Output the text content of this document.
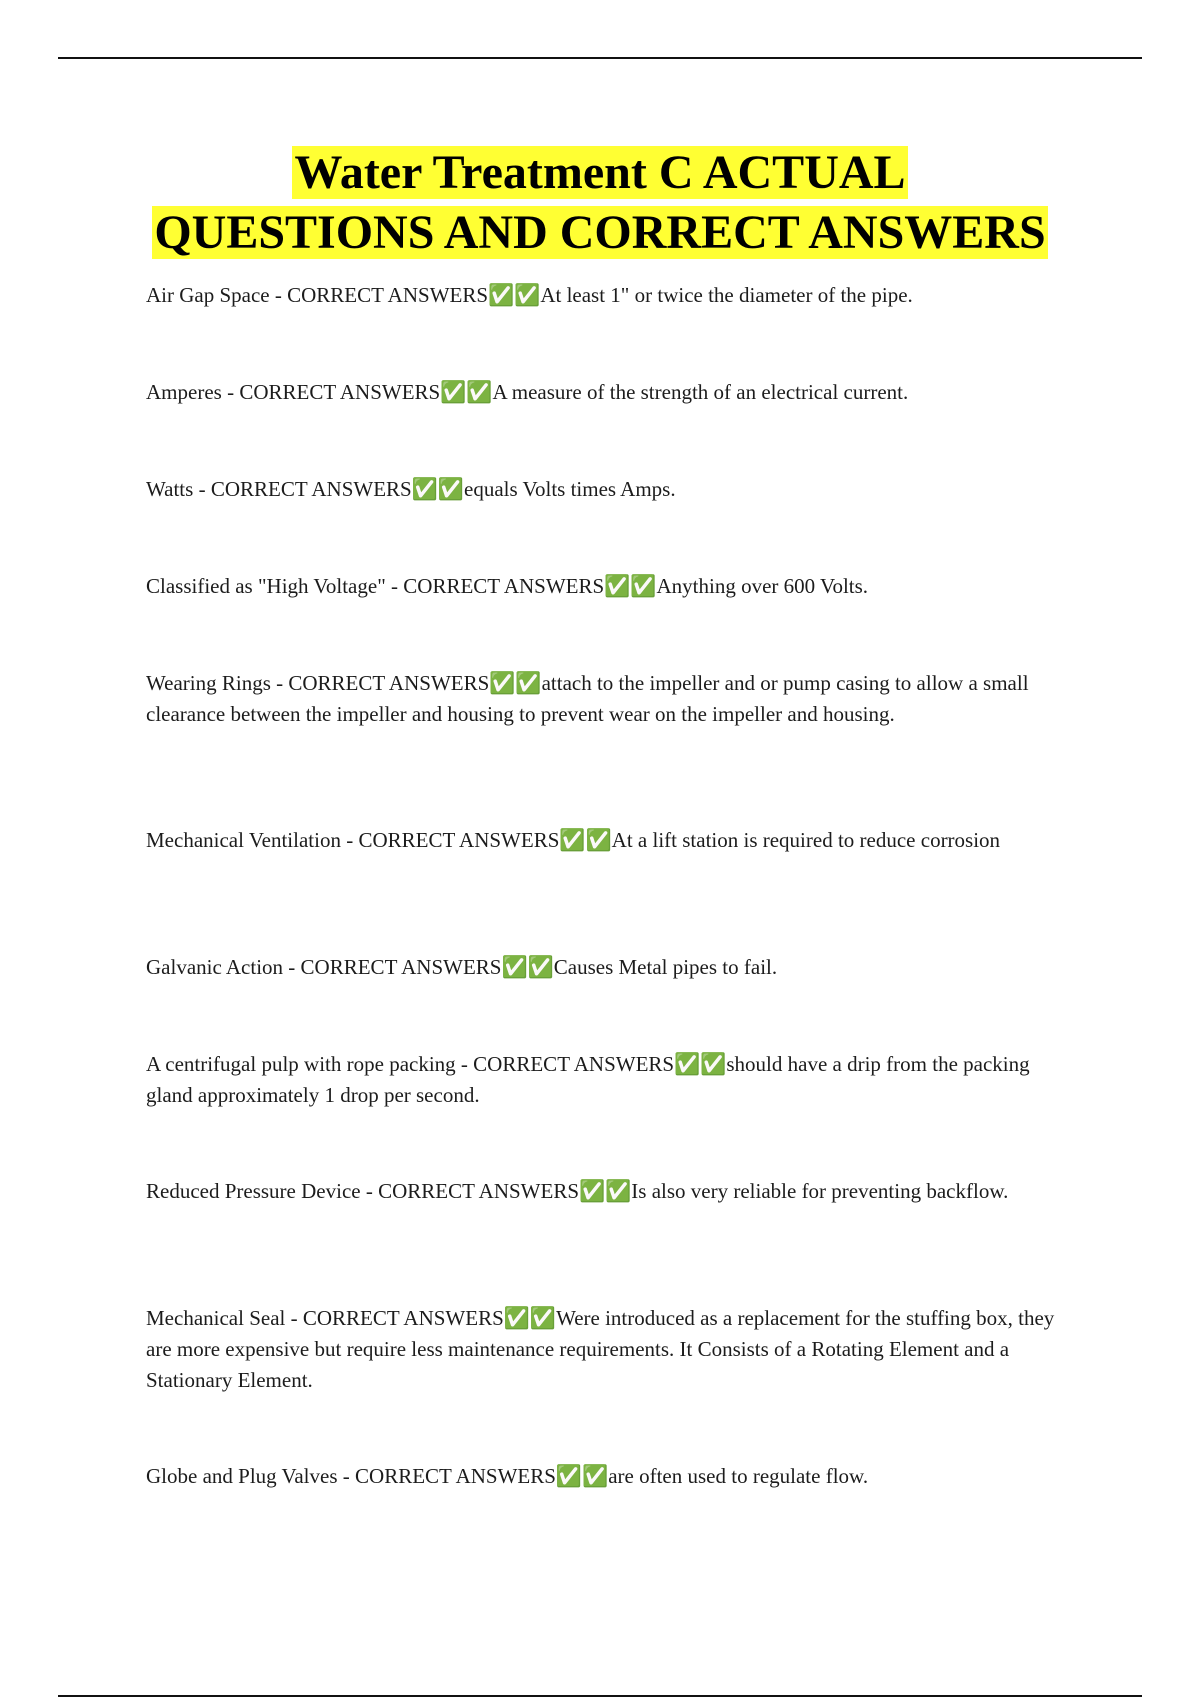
Water Treatment C ACTUAL
QUESTIONS AND CORRECT ANSWERS
Air Gap Space - CORRECT ANSWERS✅✅At least 1" or twice the diameter of the pipe.
Amperes - CORRECT ANSWERS✅✅A measure of the strength of an electrical current.
Watts - CORRECT ANSWERS✅✅equals Volts times Amps.
Classified as "High Voltage" - CORRECT ANSWERS✅✅Anything over 600 Volts.
Wearing Rings - CORRECT ANSWERS✅✅attach to the impeller and or pump casing to allow a small clearance between the impeller and housing to prevent wear on the impeller and housing.
Mechanical Ventilation - CORRECT ANSWERS✅✅At a lift station is required to reduce corrosion
Galvanic Action - CORRECT ANSWERS✅✅Causes Metal pipes to fail.
A centrifugal pulp with rope packing - CORRECT ANSWERS✅✅should have a drip from the packing gland approximately 1 drop per second.
Reduced Pressure Device - CORRECT ANSWERS✅✅Is also very reliable for preventing backflow.
Mechanical Seal - CORRECT ANSWERS✅✅Were introduced as a replacement for the stuffing box, they are more expensive but require less maintenance requirements. It Consists of a Rotating Element and a Stationary Element.
Globe and Plug Valves - CORRECT ANSWERS✅✅are often used to regulate flow.
